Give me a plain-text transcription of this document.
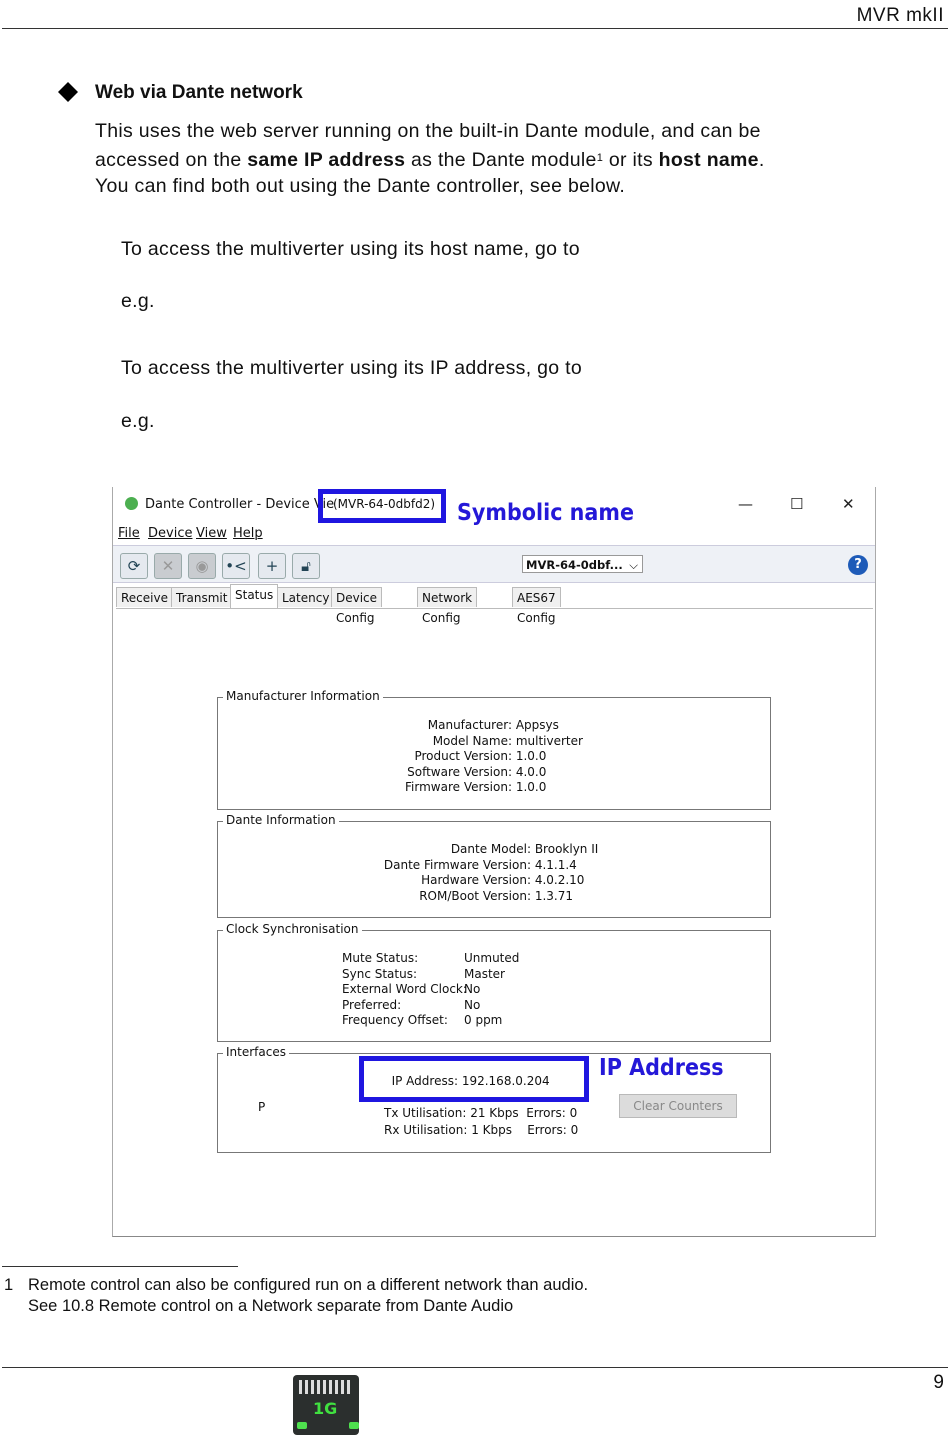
MVR mkII
Web via Dante network
This uses the web server running on the built-in Dante module, and can be
accessed on the same IP address as the Dante module$^1$ or its host name.
You can find both out using the Dante controller, see below.
To access the multiverter using its host name, go to
e.g.
To access the multiverter using its IP address, go to
e.g.
Dante Controller - Device Vie
(MVR-64-0dbfd2)	— ☐	✕
File Device View Help
⟳	✕	◉	•<	+	🔓︎	MVR-64-0dbf... ⌵	?
Receive Transmit Status Latency Device Config
Network Config
AES67 Config
Manufacturer Information
Manufacturer: Appsys
Model Name: multiverter
Product Version: 1.0.0
Software Version: 4.0.0
Firmware Version: 1.0.0
Dante Information
Dante Model: Brooklyn II
Dante Firmware Version: 4.1.1.4
Hardware Version: 4.0.2.10
ROM/Boot Version: 1.3.71
Clock Synchronisation
Mute Status:	Unmuted
Sync Status:	Master
External Word Clock:No
Preferred:	No
Frequency Offset: 0 ppm
Interfaces
P
IP Address: 192.168.0.204
Tx Utilisation: 21 Kbps Errors: 0
Rx Utilisation: 1 Kbps Errors: 0
1G
Clear Counters
Symbolic name
IP Address
1 Remote control can also be configured run on a different network than audio.
See 10.8 Remote control on a Network separate from Dante Audio
9
